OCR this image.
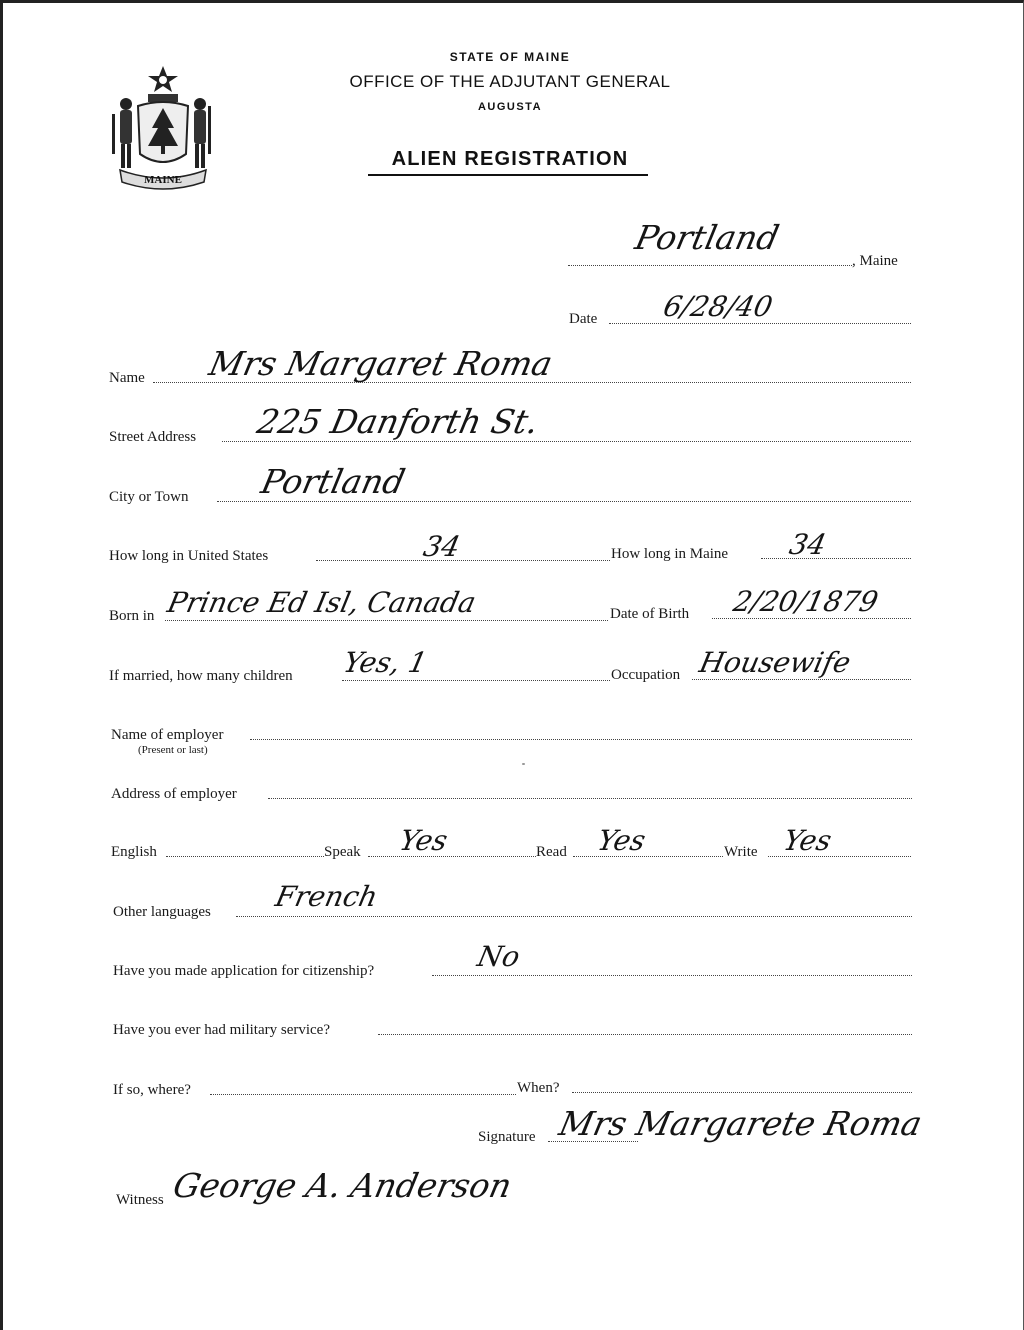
MAINE
STATE OF MAINE
OFFICE OF THE ADJUTANT GENERAL
AUGUSTA
ALIEN REGISTRATION
Portland
, Maine
Date 6/28/40
Name Mrs Margaret Roma
Street Address 225 Danforth St.
City or Town Portland
How long in United States	34	How long in Maine 34
Born in Prince Ed Isl, Canada	Date of Birth 2/20/1879
If married, how many children Yes, 1	Occupation Housewife
Name of employer
(Present or last)
Address of employer
English	Speak Yes	Read Yes	Write Yes
Other languages French
Have you made application for citizenship?	No
Have you ever had military service?
If so, where?	When?
Signature Mrs Margarete Roma
Witness George A. Anderson
